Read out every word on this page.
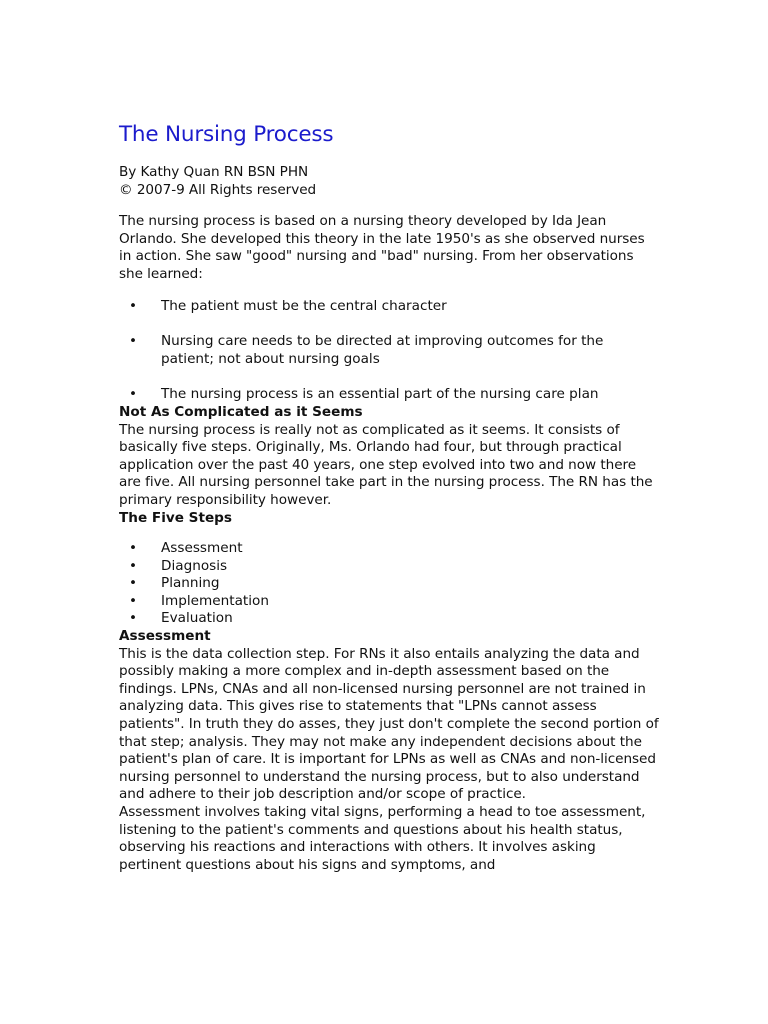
The Nursing Process

By Kathy Quan RN BSN PHN

© 2007-9 All Rights reserved

The nursing process is based on a nursing theory developed by Ida Jean Orlando. She developed this theory in the late 1950's as she observed nurses in action. She saw "good" nursing and "bad" nursing. From her observations she learned:

• The patient must be the central character
• Nursing care needs to be directed at improving outcomes for the patient; not about nursing goals
• The nursing process is an essential part of the nursing care plan

Not As Complicated as it Seems

The nursing process is really not as complicated as it seems. It consists of basically five steps. Originally, Ms. Orlando had four, but through practical application over the past 40 years, one step evolved into two and now there are five. All nursing personnel take part in the nursing process. The RN has the primary responsibility however.

The Five Steps

• Assessment
• Diagnosis
• Planning
• Implementation
• Evaluation

Assessment

This is the data collection step. For RNs it also entails analyzing the data and possibly making a more complex and in-depth assessment based on the findings. LPNs, CNAs and all non-licensed nursing personnel are not trained in analyzing data. This gives rise to statements that "LPNs cannot assess patients". In truth they do asses, they just don't complete the second portion of that step; analysis. They may not make any independent decisions about the patient's plan of care. It is important for LPNs as well as CNAs and non-licensed nursing personnel to understand the nursing process, but to also understand and adhere to their job description and/or scope of practice.

Assessment involves taking vital signs, performing a head to toe assessment, listening to the patient's comments and questions about his health status, observing his reactions and interactions with others. It involves asking pertinent questions about his signs and symptoms, and
